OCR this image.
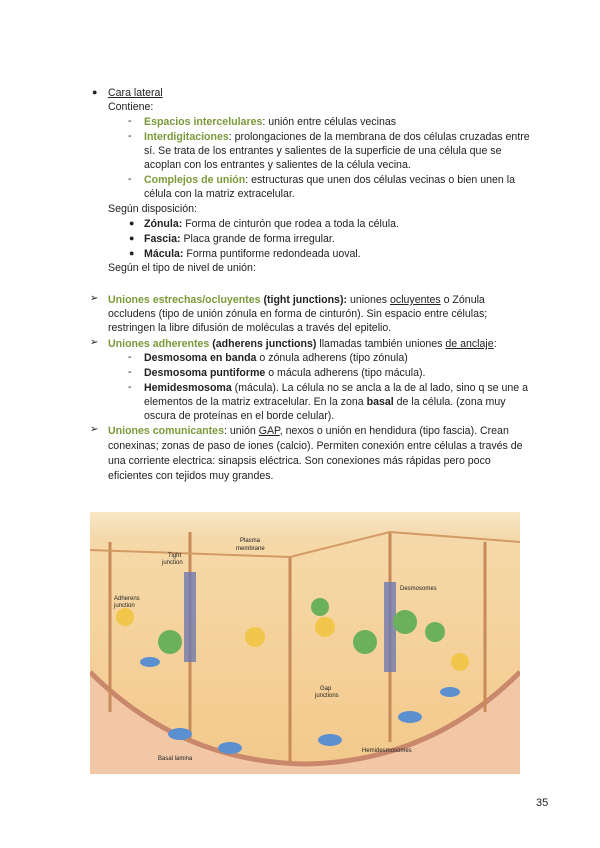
● Cara lateral
Contiene:
- Espacios intercelulares: unión entre células vecinas
- Interdigitaciones: prolongaciones de la membrana de dos células cruzadas entre
sí. Se trata de los entrantes y salientes de la superficie de una célula que se
acoplan con los entrantes y salientes de la célula vecina.
- Complejos de unión: estructuras que unen dos células vecinas o bien unen la
célula con la matriz extracelular.
Según disposición:
● Zónula: Forma de cinturón que rodea a toda la célula.
● Fascia: Placa grande de forma irregular.
● Mácula: Forma puntiforme redondeada uoval.
Según el tipo de nivel de unión:
➢ Uniones estrechas/ocluyentes (tight junctions): uniones ocluyentes o Zónula
occludens (tipo de unión zónula en forma de cinturón). Sin espacio entre células;
restringen la libre difusión de moléculas a través del epitelio.
➢ Uniones adherentes (adherens junctions) llamadas también uniones de anclaje:
- Desmosoma en banda o zónula adherens (tipo zónula)
- Desmosoma puntiforme o mácula adherens (tipo mácula).
- Hemidesmosoma (mácula). La célula no se ancla a la de al lado, sino q se une a
elementos de la matriz extracelular. En la zona basal de la célula. (zona muy
oscura de proteínas en el borde celular).
➢ Uniones comunicantes: unión GAP, nexos o unión en hendidura (tipo fascia). Crean
conexinas; zonas de paso de iones (calcio). Permiten conexión entre células a través de
una corriente electrica: sinapsis eléctrica. Son conexiones más rápidas pero poco
eficientes con tejidos muy grandes.
Plasma
membrane
Tight
junction
Adherens
junction
Desmosomes
Gap
junctions
Hemidesmosomes
Basal lamina
35
